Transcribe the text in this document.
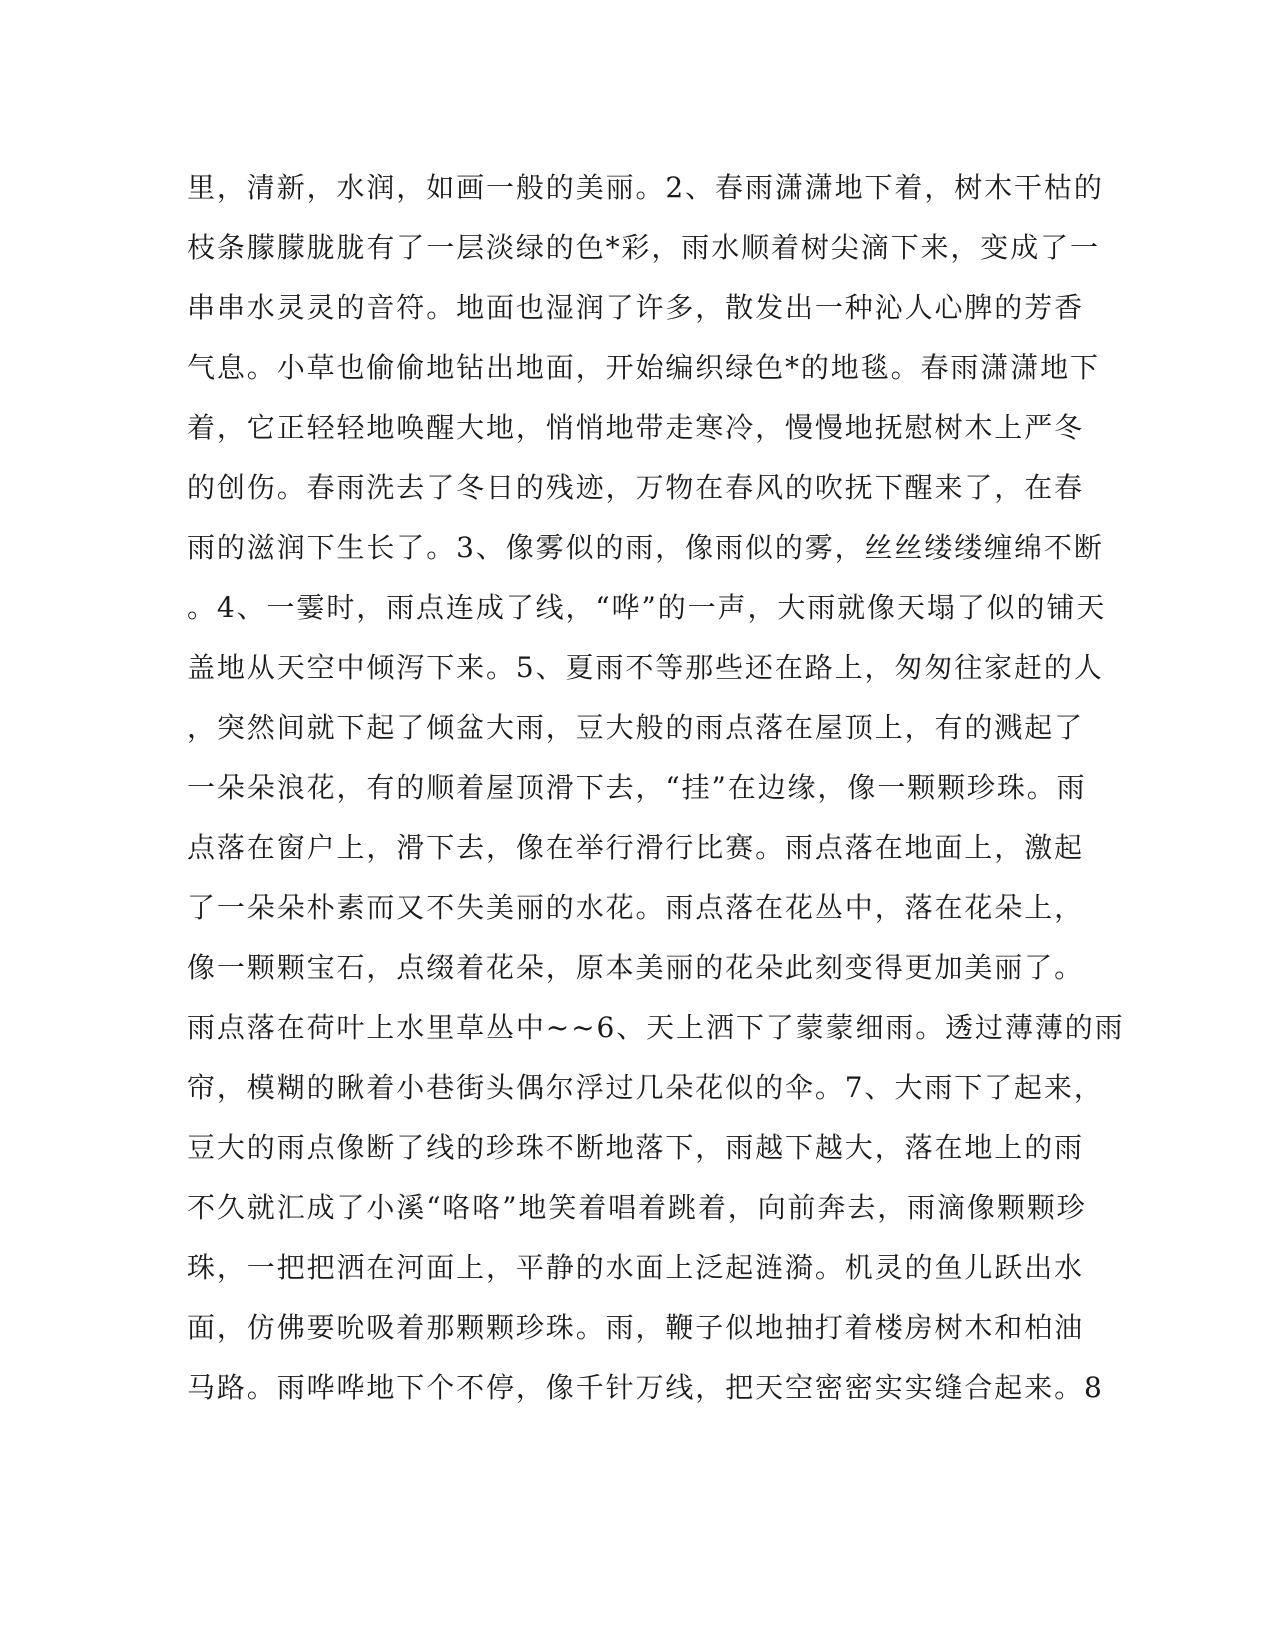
里，清新，水润，如画一般的美丽。2、春雨潇潇地下着，树木干枯的
枝条朦朦胧胧有了一层淡绿的色*彩，雨水顺着树尖滴下来，变成了一
串串水灵灵的音符。地面也湿润了许多，散发出一种沁人心脾的芳香
气息。小草也偷偷地钻出地面，开始编织绿色*的地毯。春雨潇潇地下
着，它正轻轻地唤醒大地，悄悄地带走寒冷，慢慢地抚慰树木上严冬
的创伤。春雨洗去了冬日的残迹，万物在春风的吹抚下醒来了，在春
雨的滋润下生长了。3、像雾似的雨，像雨似的雾，丝丝缕缕缠绵不断
。4、一霎时，雨点连成了线，“哗”的一声，大雨就像天塌了似的铺天
盖地从天空中倾泻下来。5、夏雨不等那些还在路上，匆匆往家赶的人
，突然间就下起了倾盆大雨，豆大般的雨点落在屋顶上，有的溅起了
一朵朵浪花，有的顺着屋顶滑下去，“挂”在边缘，像一颗颗珍珠。雨
点落在窗户上，滑下去，像在举行滑行比赛。雨点落在地面上，激起
了一朵朵朴素而又不失美丽的水花。雨点落在花丛中，落在花朵上，
像一颗颗宝石，点缀着花朵，原本美丽的花朵此刻变得更加美丽了。
雨点落在荷叶上水里草丛中~~6、天上洒下了蒙蒙细雨。透过薄薄的雨
帘，模糊的瞅着小巷街头偶尔浮过几朵花似的伞。7、大雨下了起来，
豆大的雨点像断了线的珍珠不断地落下，雨越下越大，落在地上的雨
不久就汇成了小溪“咯咯”地笑着唱着跳着，向前奔去，雨滴像颗颗珍
珠，一把把洒在河面上，平静的水面上泛起涟漪。机灵的鱼儿跃出水
面，仿佛要吮吸着那颗颗珍珠。雨，鞭子似地抽打着楼房树木和柏油
马路。雨哗哗地下个不停，像千针万线，把天空密密实实缝合起来。8
